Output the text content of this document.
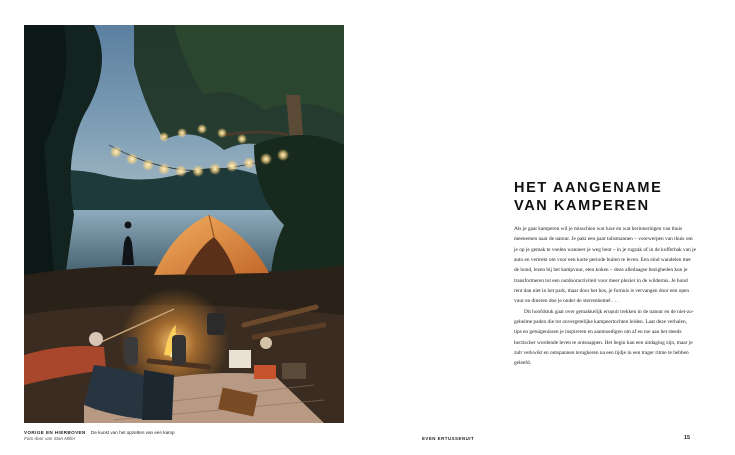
VORIGE EN HIERBOVEN De kunst van het opzetten van een kamp
Foto door van Stan Miller
HET AANGENAME
VAN KAMPEREN

Als je gaat kamperen wil je misschien wat luxe en wat herinneringen van thuis meenemen naar de natuur. Je pakt een paar talismannen – voorwerpen van thuis om je op je gemak te voelen wanneer je weg bent – in je rugzak of in de kofferbak van je auto en vertrekt om voor een korte periode buiten te leven. Een eind wandelen met de hond, lezen bij het kampvuur, eten koken – deze alledaagse bezigheden kun je transformeren tot een outdooractiviteit voor meer plezier in de wildernis. Je hond rent dan niet in het park, maar door het bos, je fornuis is vervangen door een open vuur en dineren doe je onder de sterrenhemel . . .

Dit hoofdstuk gaat over gemakkelijk eropuit trekken in de natuur en de niet-zo-geheime paden die tot onvergetelijke kampeertochten leiden. Laat deze verhalen, tips en getuigenissen je inspireren en aanmoedigen om af en toe aan het steeds hectischer wordende leven te ontsnappen. Het begin kan een uitdaging zijn, maar je zult verkwikt en ontspannen terugkeren na een tijdje in een trager ritme te hebben geleefd.

EVEN ERTUSSENUIT	15
